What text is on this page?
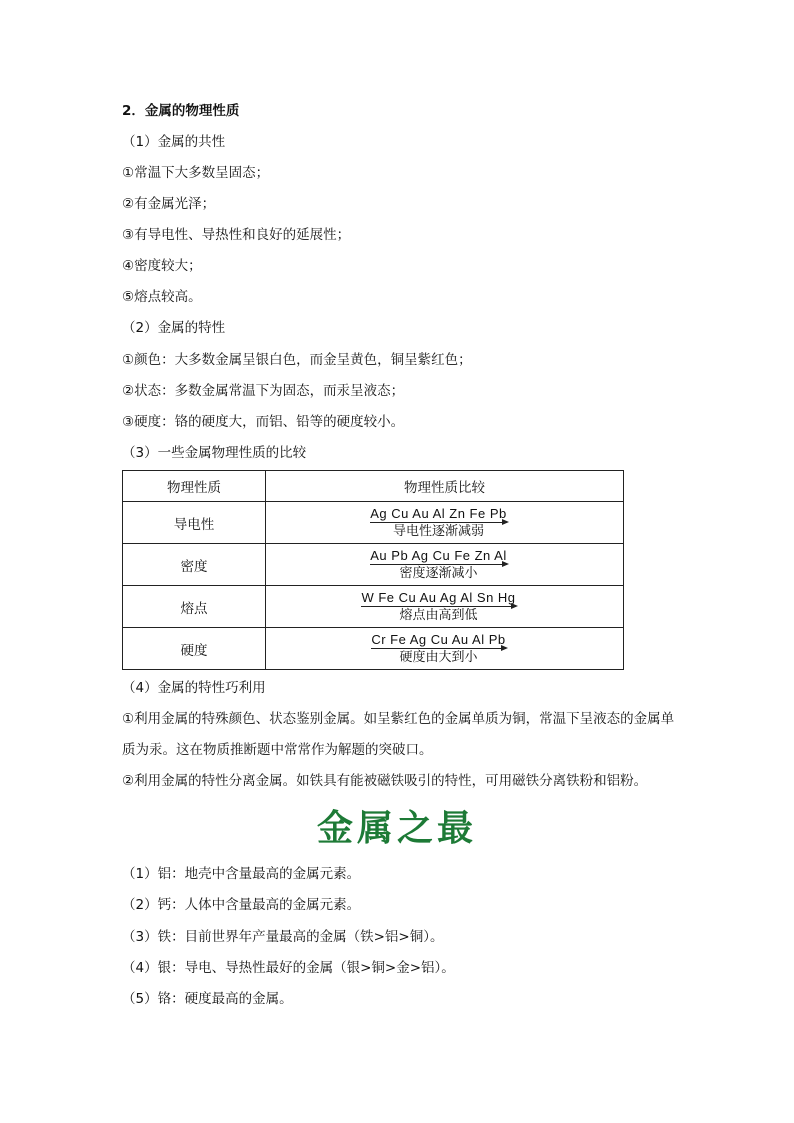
2．金属的物理性质
（1）金属的共性
①常温下大多数呈固态；
②有金属光泽；
③有导电性、导热性和良好的延展性；
④密度较大；
⑤熔点较高。
（2）金属的特性
①颜色：大多数金属呈银白色，而金呈黄色，铜呈紫红色；
②状态：多数金属常温下为固态，而汞呈液态；
③硬度：铬的硬度大，而铝、铅等的硬度较小。
（3）一些金属物理性质的比较
物理性质	物理性质比较
导电性	Ag Cu Au Al Zn Fe Pb
导电性逐渐减弱

密度	Au Pb Ag Cu Fe Zn Al
密度逐渐减小

熔点	W Fe Cu Au Ag Al Sn Hg
熔点由高到低

硬度	Cr Fe Ag Cu Au Al Pb
硬度由大到小
（4）金属的特性巧利用
①利用金属的特殊颜色、状态鉴别金属。如呈紫红色的金属单质为铜，常温下呈液态的金属单
质为汞。这在物质推断题中常常作为解题的突破口。
②利用金属的特性分离金属。如铁具有能被磁铁吸引的特性，可用磁铁分离铁粉和铝粉。
金属之最
（1）铝：地壳中含量最高的金属元素。
（2）钙：人体中含量最高的金属元素。
（3）铁：目前世界年产量最高的金属（铁>铝>铜）。
（4）银：导电、导热性最好的金属（银>铜>金>铝）。
（5）铬：硬度最高的金属。
